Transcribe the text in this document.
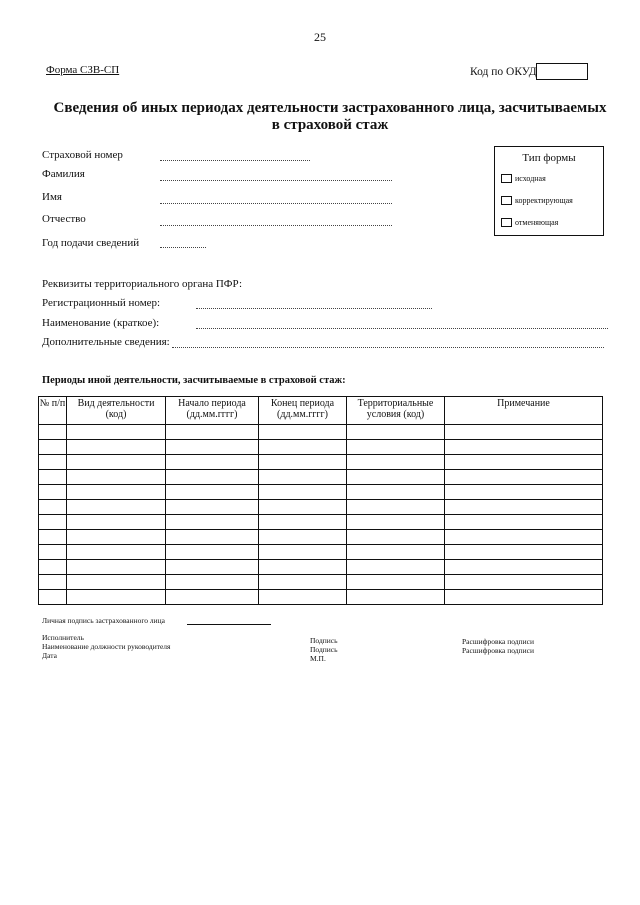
25
Форма СЗВ-СП	Код по ОКУД
Сведения об иных периодах деятельности застрахованного лица, засчитываемых
в страховой стаж
Страховой номер
Фамилия
Имя
Отчество
Год подачи сведений
Тип формы
исходная
корректирующая
отменяющая
Реквизиты территориального органа ПФР:
Регистрационный номер:
Наименование (краткое):
Дополнительные сведения:
Периоды иной деятельности, засчитываемые в страховой стаж:
№ п/п	Вид деятельности (код)	Начало периода (дд.мм.гггг)	Конец периода (дд.мм.гггг)	Территориальные условия (код)	Примечание

Личная подпись застрахованного лица
Исполнитель
Наименование должности руководителя
Дата
Подпись
Подпись
М.П.
Расшифровка подписи
Расшифровка подписи
